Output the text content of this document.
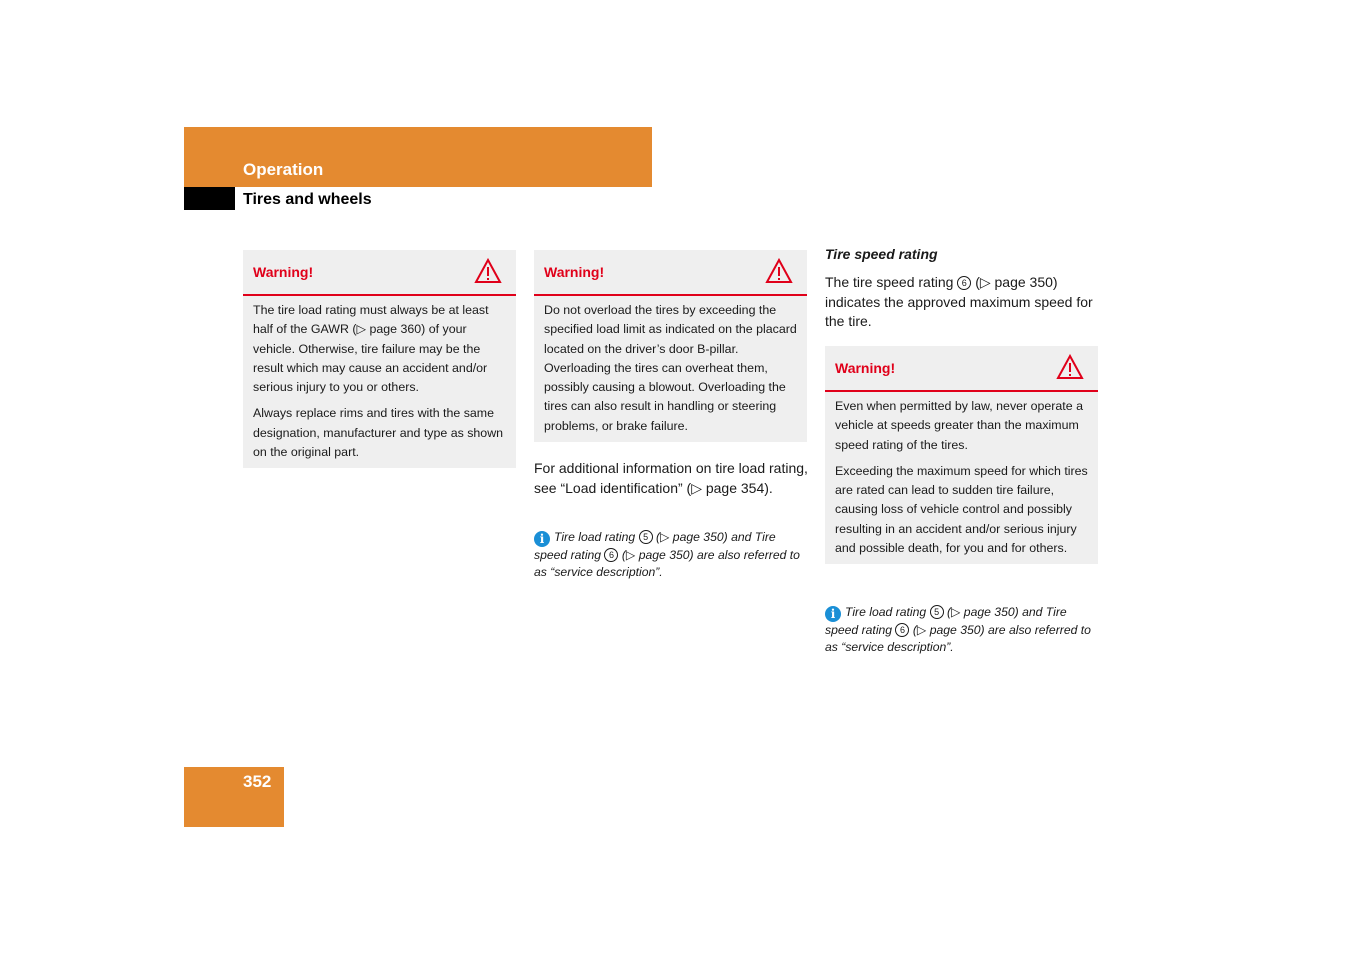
Operation
Tires and wheels
Warning!

The tire load rating must always be at least half of the GAWR (▷ page 360) of your vehicle. Otherwise, tire failure may be the result which may cause an accident and/or serious injury to you or others.

Always replace rims and tires with the same designation, manufacturer and type as shown on the original part.

Warning!

Do not overload the tires by exceeding the specified load limit as indicated on the placard located on the driver’s door B-pillar. Overloading the tires can overheat them, possibly causing a blowout. Overloading the tires can also result in handling or steering problems, or brake failure.

For additional information on tire load rating, see “Load identification” (▷ page 354).
i Tire load rating 5 (▷ page 350) and Tire speed rating 6 (▷ page 350) are also referred to as “service description”.
Tire speed rating
The tire speed rating 6 (▷ page 350) indicates the approved maximum speed for the tire.
Warning!

Even when permitted by law, never operate a vehicle at speeds greater than the maximum speed rating of the tires.

Exceeding the maximum speed for which tires are rated can lead to sudden tire failure, causing loss of vehicle control and possibly resulting in an accident and/or serious injury and possible death, for you and for others.

i Tire load rating 5 (▷ page 350) and Tire speed rating 6 (▷ page 350) are also referred to as “service description”.
352
